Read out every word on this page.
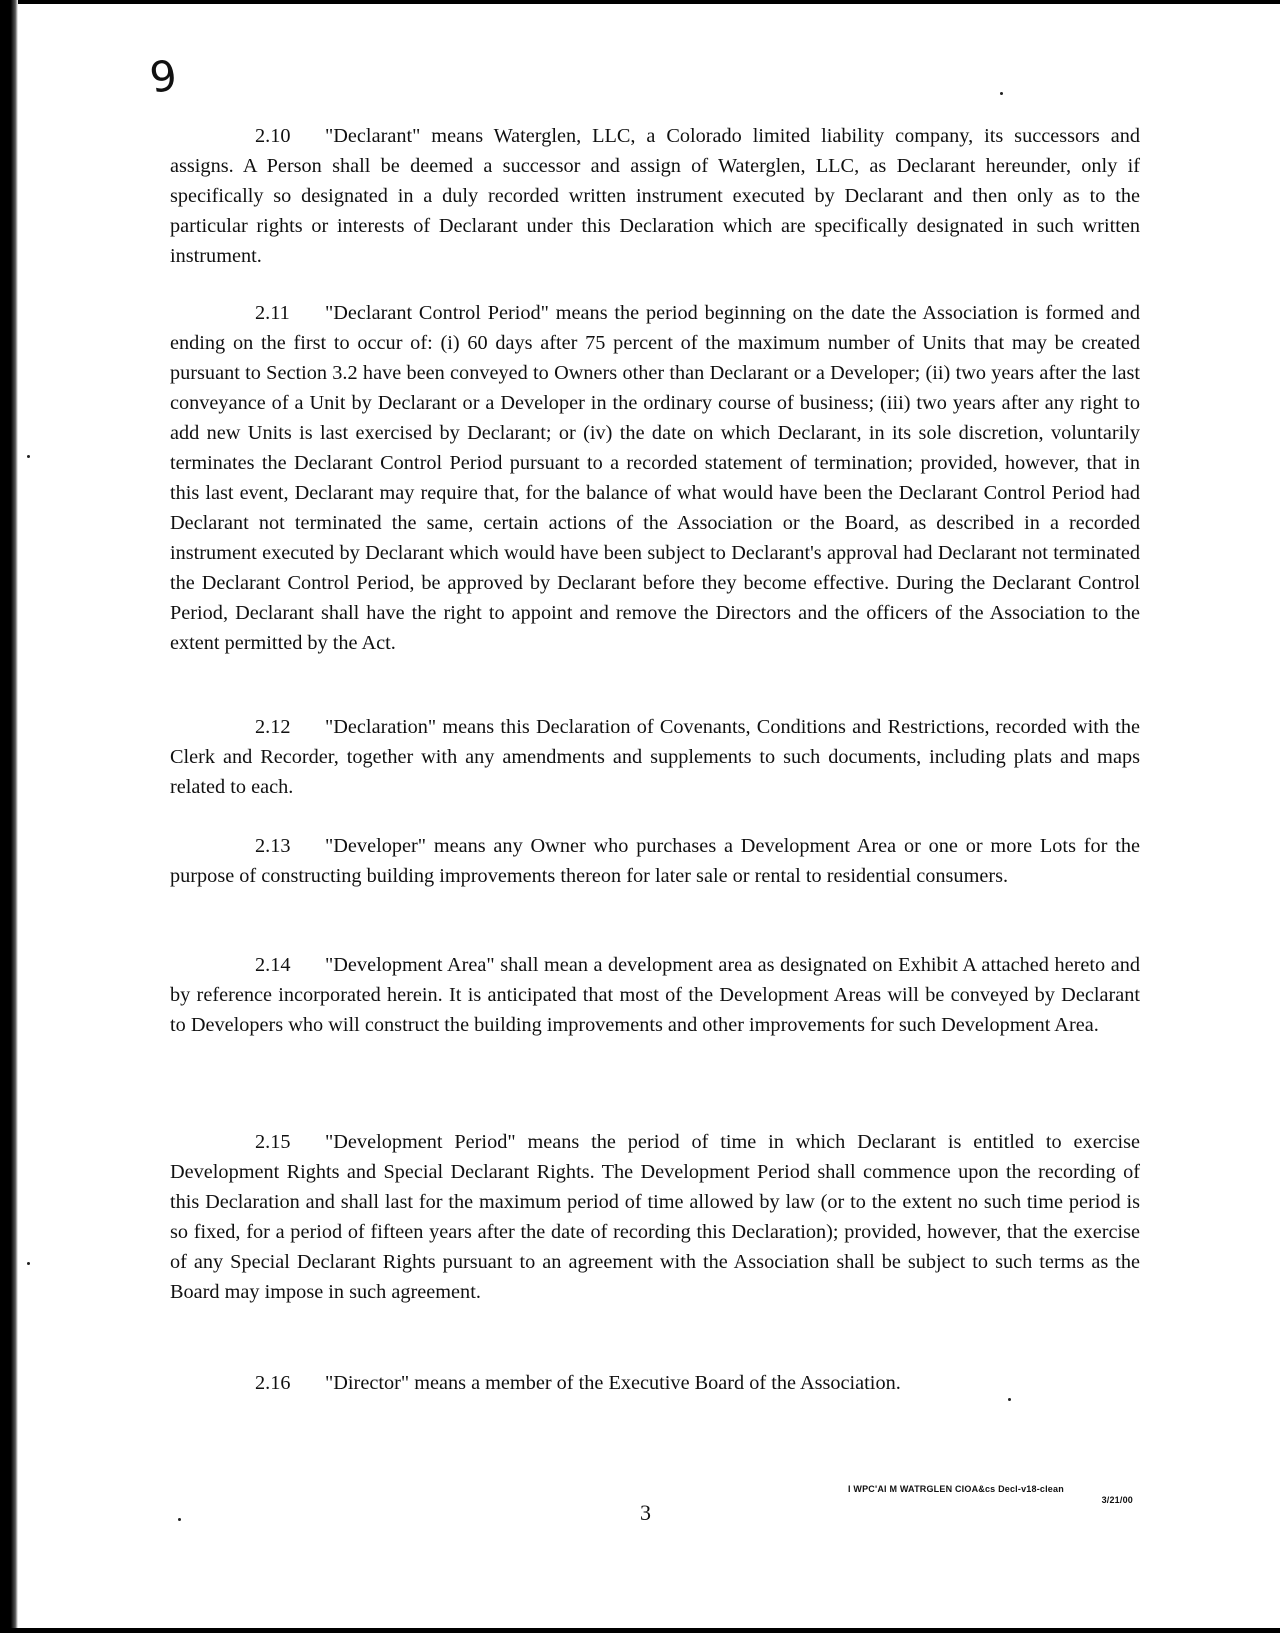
9

2.10 "Declarant" means Waterglen, LLC, a Colorado limited liability company, its successors and assigns. A Person shall be deemed a successor and assign of Waterglen, LLC, as Declarant hereunder, only if specifically so designated in a duly recorded written instrument executed by Declarant and then only as to the particular rights or interests of Declarant under this Declaration which are specifically designated in such written instrument.

2.11 "Declarant Control Period" means the period beginning on the date the Association is formed and ending on the first to occur of: (i) 60 days after 75 percent of the maximum number of Units that may be created pursuant to Section 3.2 have been conveyed to Owners other than Declarant or a Developer; (ii) two years after the last conveyance of a Unit by Declarant or a Developer in the ordinary course of business; (iii) two years after any right to add new Units is last exercised by Declarant; or (iv) the date on which Declarant, in its sole discretion, voluntarily terminates the Declarant Control Period pursuant to a recorded statement of termination; provided, however, that in this last event, Declarant may require that, for the balance of what would have been the Declarant Control Period had Declarant not terminated the same, certain actions of the Association or the Board, as described in a recorded instrument executed by Declarant which would have been subject to Declarant's approval had Declarant not terminated the Declarant Control Period, be approved by Declarant before they become effective. During the Declarant Control Period, Declarant shall have the right to appoint and remove the Directors and the officers of the Association to the extent permitted by the Act.

2.12 "Declaration" means this Declaration of Covenants, Conditions and Restrictions, recorded with the Clerk and Recorder, together with any amendments and supplements to such documents, including plats and maps related to each.

2.13 "Developer" means any Owner who purchases a Development Area or one or more Lots for the purpose of constructing building improvements thereon for later sale or rental to residential consumers.

2.14 "Development Area" shall mean a development area as designated on Exhibit A attached hereto and by reference incorporated herein. It is anticipated that most of the Development Areas will be conveyed by Declarant to Developers who will construct the building improvements and other improvements for such Development Area.

2.15 "Development Period" means the period of time in which Declarant is entitled to exercise Development Rights and Special Declarant Rights. The Development Period shall commence upon the recording of this Declaration and shall last for the maximum period of time allowed by law (or to the extent no such time period is so fixed, for a period of fifteen years after the date of recording this Declaration); provided, however, that the exercise of any Special Declarant Rights pursuant to an agreement with the Association shall be subject to such terms as the Board may impose in such agreement.

2.16 "Director" means a member of the Executive Board of the Association.

3

I WPC'AI M WATRGLEN CIOA&cs Decl-v18-clean
3/21/00
